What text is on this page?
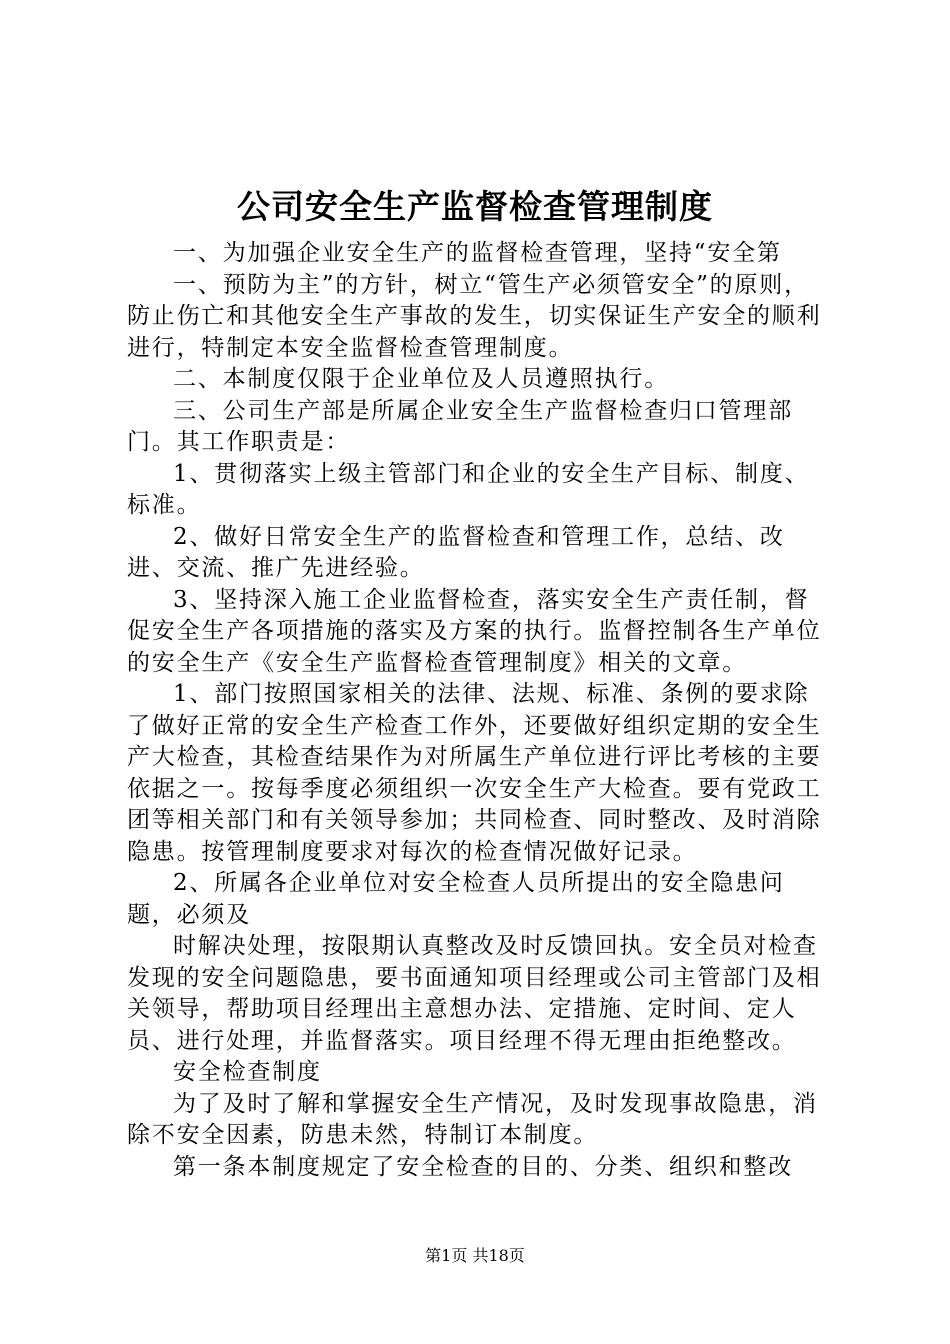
公司安全生产监督检查管理制度

一、为加强企业安全生产的监督检查管理，坚持“安全第

一、预防为主”的方针，树立“管生产必须管安全”的原则，防止伤亡和其他安全生产事故的发生，切实保证生产安全的顺利进行，特制定本安全监督检查管理制度。

二、本制度仅限于企业单位及人员遵照执行。

三、公司生产部是所属企业安全生产监督检查归口管理部门。其工作职责是：

1、贯彻落实上级主管部门和企业的安全生产目标、制度、标准。

2、做好日常安全生产的监督检查和管理工作，总结、改进、交流、推广先进经验。

3、坚持深入施工企业监督检查，落实安全生产责任制，督促安全生产各项措施的落实及方案的执行。监督控制各生产单位的安全生产《安全生产监督检查管理制度》相关的文章。

1、部门按照国家相关的法律、法规、标准、条例的要求除了做好正常的安全生产检查工作外，还要做好组织定期的安全生产大检查，其检查结果作为对所属生产单位进行评比考核的主要依据之一。按每季度必须组织一次安全生产大检查。要有党政工团等相关部门和有关领导参加；共同检查、同时整改、及时消除隐患。按管理制度要求对每次的检查情况做好记录。

2、所属各企业单位对安全检查人员所提出的安全隐患问题，必须及

时解决处理，按限期认真整改及时反馈回执。安全员对检查发现的安全问题隐患，要书面通知项目经理或公司主管部门及相关领导，帮助项目经理出主意想办法、定措施、定时间、定人员、进行处理，并监督落实。项目经理不得无理由拒绝整改。

安全检查制度

为了及时了解和掌握安全生产情况，及时发现事故隐患，消除不安全因素，防患未然，特制订本制度。

第一条本制度规定了安全检查的目的、分类、组织和整改

第1页 共18页
